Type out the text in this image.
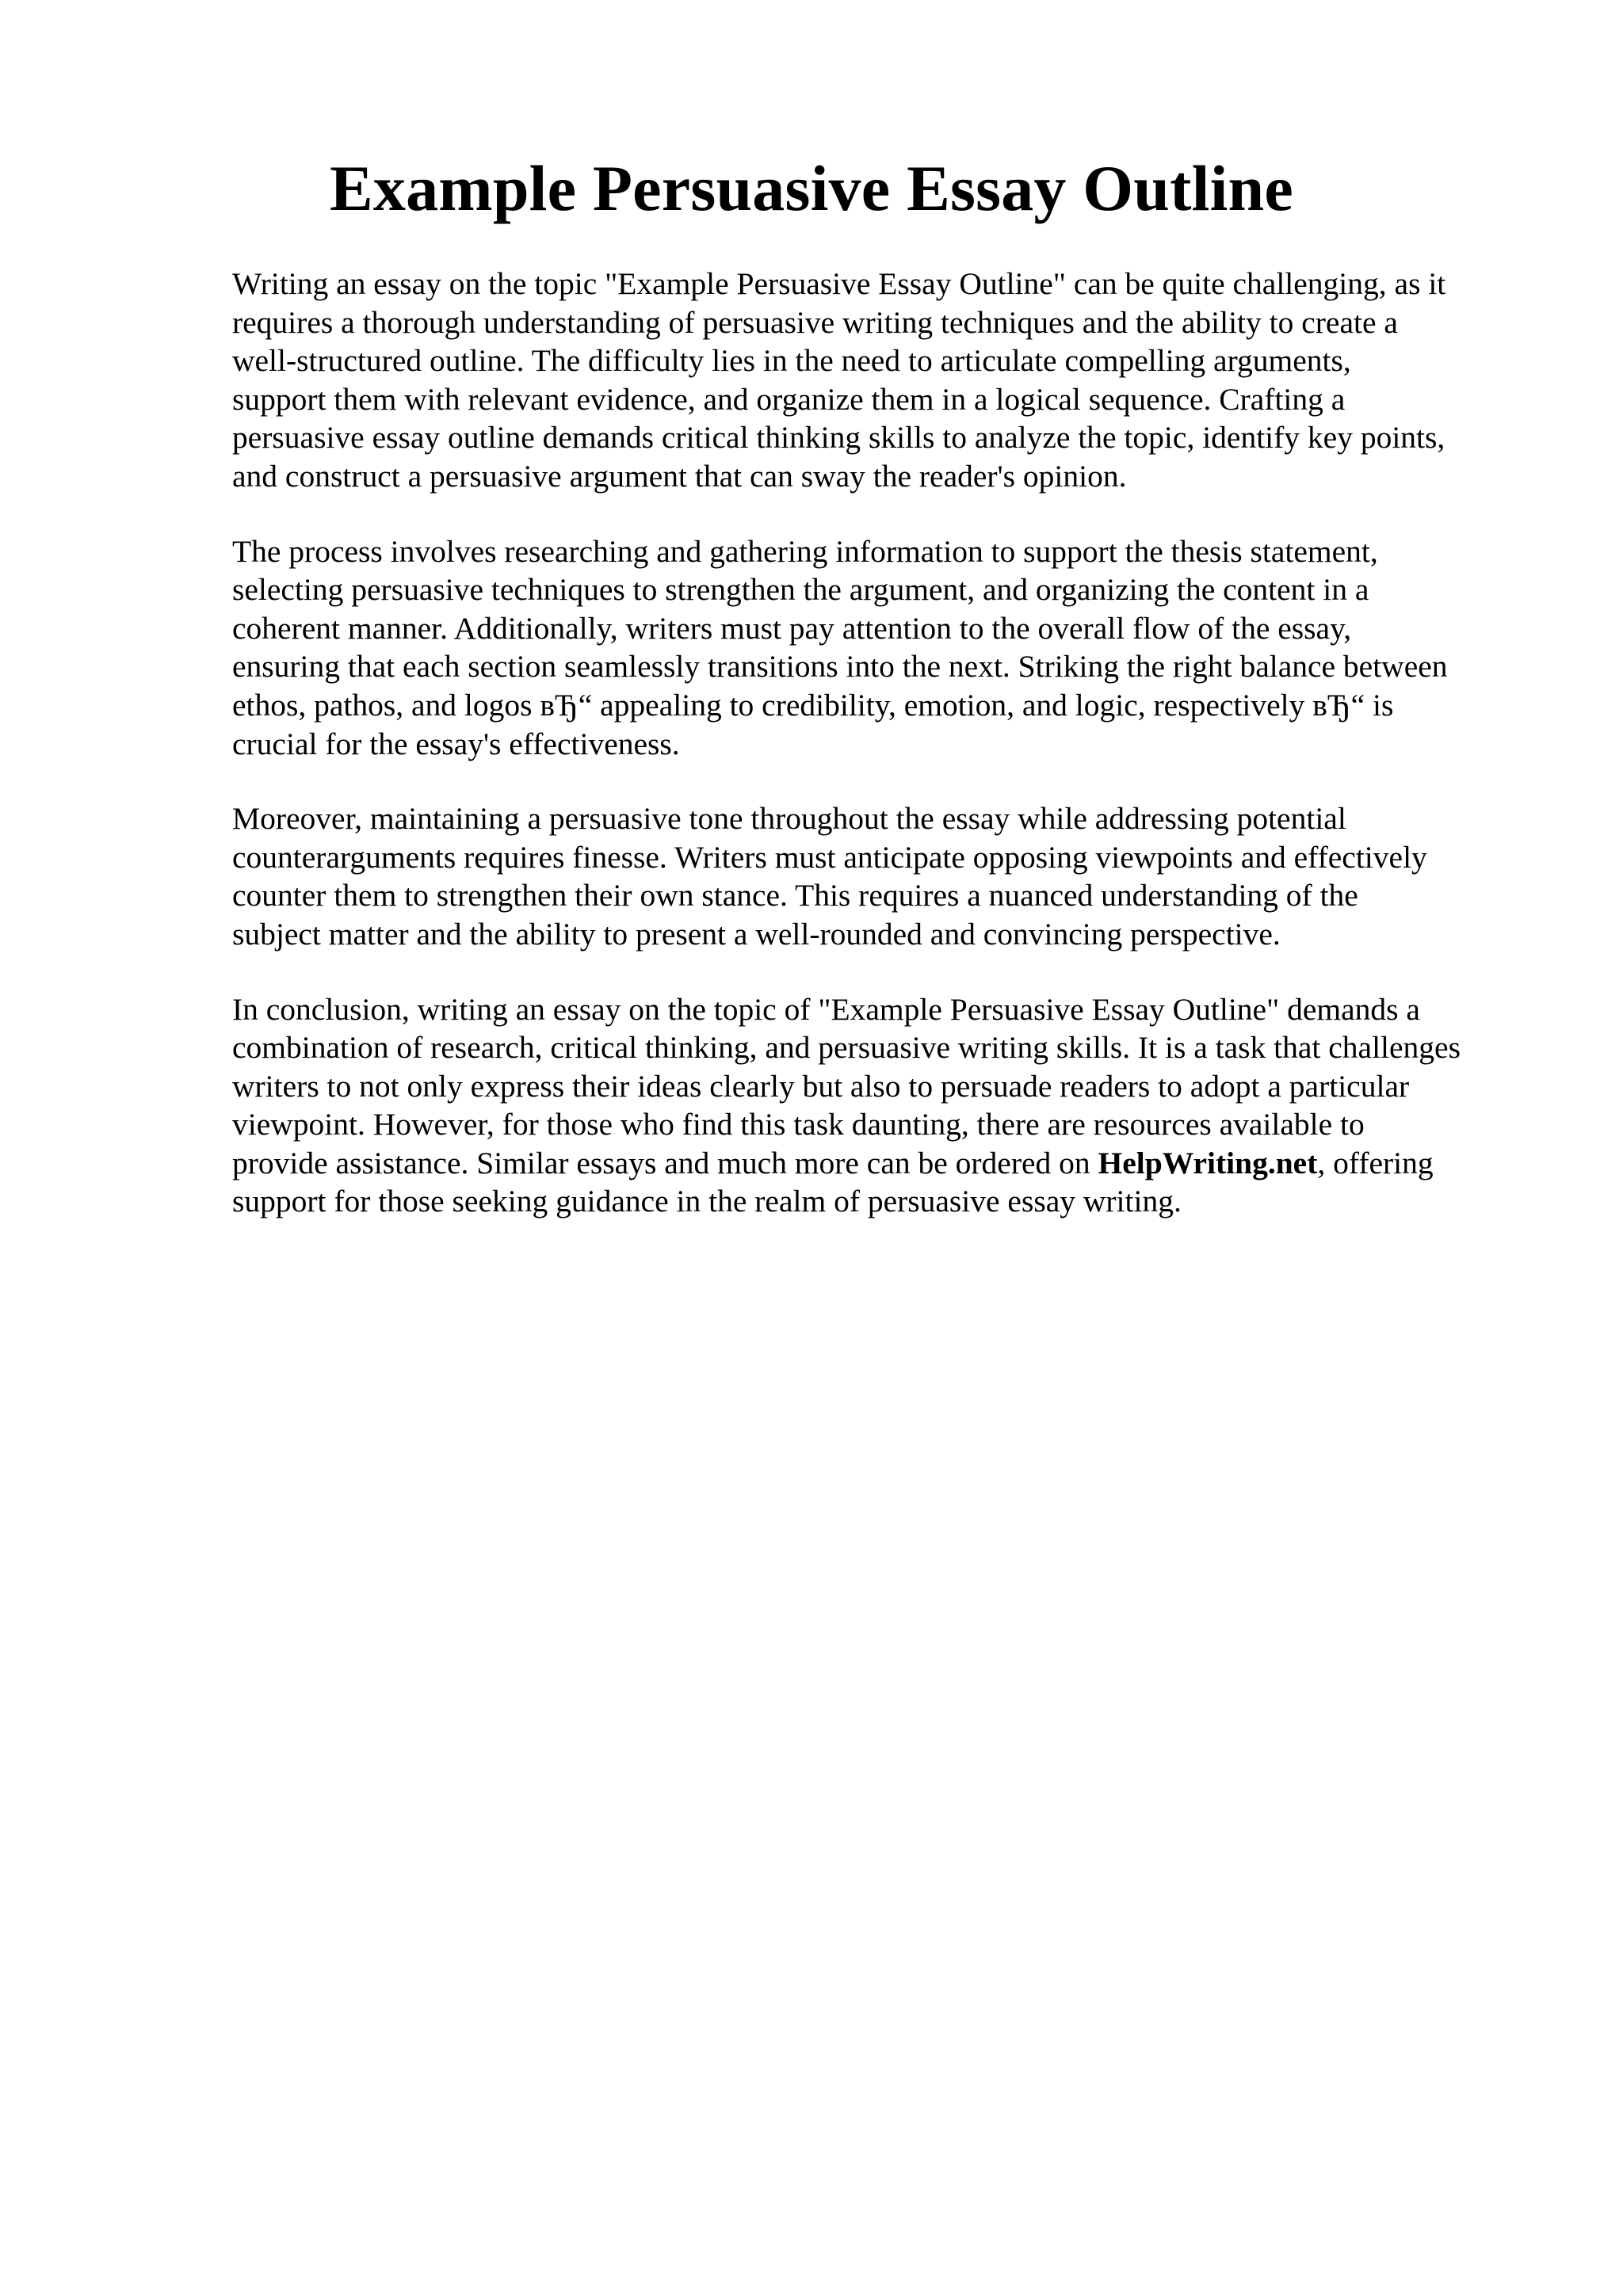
Example Persuasive Essay Outline

Writing an essay on the topic "Example Persuasive Essay Outline" can be quite challenging, as it
requires a thorough understanding of persuasive writing techniques and the ability to create a
well-structured outline. The difficulty lies in the need to articulate compelling arguments,
support them with relevant evidence, and organize them in a logical sequence. Crafting a
persuasive essay outline demands critical thinking skills to analyze the topic, identify key points,
and construct a persuasive argument that can sway the reader's opinion.

The process involves researching and gathering information to support the thesis statement,
selecting persuasive techniques to strengthen the argument, and organizing the content in a
coherent manner. Additionally, writers must pay attention to the overall flow of the essay,
ensuring that each section seamlessly transitions into the next. Striking the right balance between
ethos, pathos, and logos вЂ“ appealing to credibility, emotion, and logic, respectively вЂ“ is
crucial for the essay's effectiveness.

Moreover, maintaining a persuasive tone throughout the essay while addressing potential
counterarguments requires finesse. Writers must anticipate opposing viewpoints and effectively
counter them to strengthen their own stance. This requires a nuanced understanding of the
subject matter and the ability to present a well-rounded and convincing perspective.

In conclusion, writing an essay on the topic of "Example Persuasive Essay Outline" demands a
combination of research, critical thinking, and persuasive writing skills. It is a task that challenges
writers to not only express their ideas clearly but also to persuade readers to adopt a particular
viewpoint. However, for those who find this task daunting, there are resources available to
provide assistance. Similar essays and much more can be ordered on HelpWriting.net, offering
support for those seeking guidance in the realm of persuasive essay writing.
